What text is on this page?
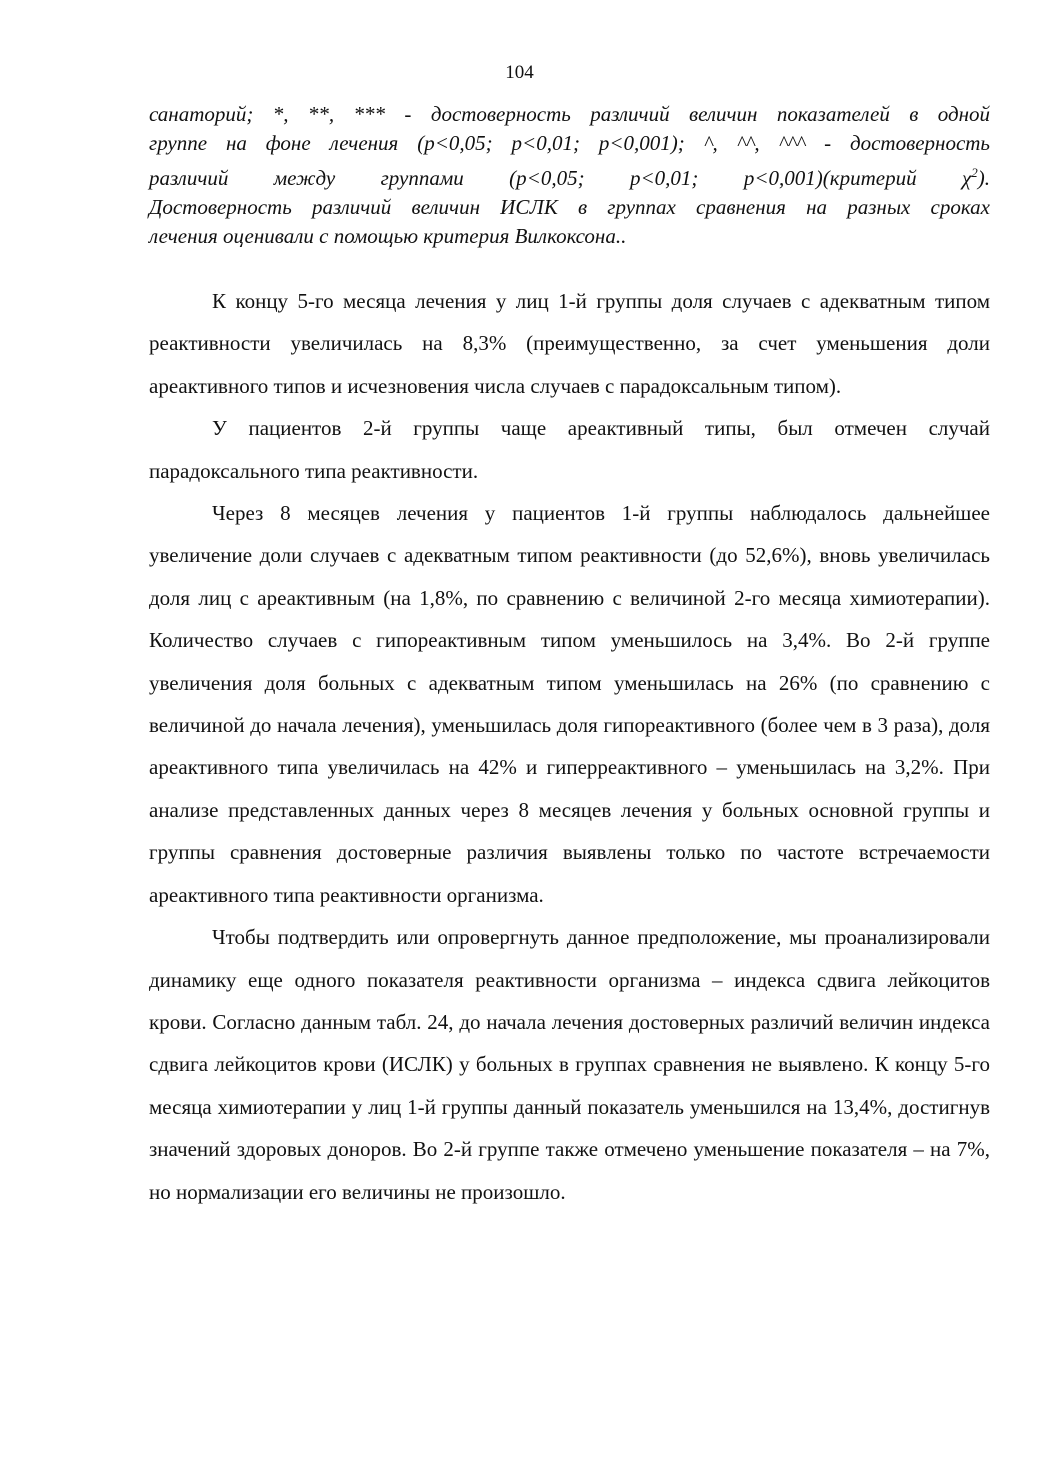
104
санаторий; *, **, *** - достоверность различий величин показателей в одной
группе на фоне лечения (р<0,05; р<0,01; р<0,001); ^, ^^, ^^^ - достоверность
различий между группами (р<0,05; р<0,01; р<0,001)(критерий $\chi^2$).
Достоверность различий величин ИСЛК в группах сравнения на разных сроках
лечения оценивали с помощью критерия Вилкоксона..

К концу 5-го месяца лечения у лиц 1-й группы доля случаев с адекватным типом реактивности увеличилась на 8,3% (преимущественно, за счет уменьшения доли ареактивного типов и исчезновения числа случаев с парадоксальным типом).

У пациентов 2-й группы чаще ареактивный типы, был отмечен случай парадоксального типа реактивности.

Через 8 месяцев лечения у пациентов 1-й группы наблюдалось дальнейшее увеличение доли случаев с адекватным типом реактивности (до 52,6%), вновь увеличилась доля лиц с ареактивным (на 1,8%, по сравнению с величиной 2-го месяца химиотерапии). Количество случаев с гипореактивным типом уменьшилось на 3,4%. Во 2-й группе увеличения доля больных с адекватным типом уменьшилась на 26% (по сравнению с величиной до начала лечения), уменьшилась доля гипореактивного (более чем в 3 раза), доля ареактивного типа увеличилась на 42% и гиперреактивного – уменьшилась на 3,2%. При анализе представленных данных через 8 месяцев лечения у больных основной группы и группы сравнения достоверные различия выявлены только по частоте встречаемости ареактивного типа реактивности организма.

Чтобы подтвердить или опровергнуть данное предположение, мы проанализировали динамику еще одного показателя реактивности организма – индекса сдвига лейкоцитов крови. Согласно данным табл. 24, до начала лечения достоверных различий величин индекса сдвига лейкоцитов крови (ИСЛК) у больных в группах сравнения не выявлено. К концу 5-го месяца химиотерапии у лиц 1-й группы данный показатель уменьшился на 13,4%, достигнув значений здоровых доноров. Во 2-й группе также отмечено уменьшение показателя – на 7%, но нормализации его величины не произошло.
